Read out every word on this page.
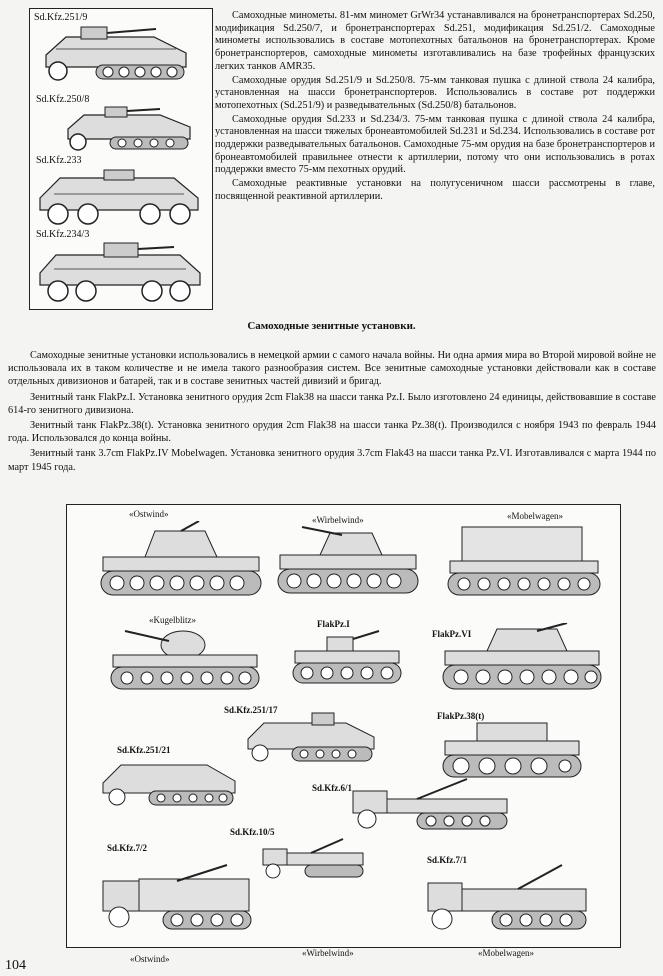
Sd.Kfz.251/9
Sd.Kfz.250/8
Sd.Kfz.233
Sd.Kfz.234/3

Самоходные минометы. 81-мм миномет GrWr34 устанавливался на бронетранспортерах Sd.250, модификация Sd.250/7, и бронетранспортерах Sd.251, модификация Sd.251/2. Самоходные минометы использовались в составе мотопехотных батальонов на бронетранспортерах. Кроме бронетранспортеров, самоходные минометы изготавливались на базе трофейных французских легких танков AMR35.

Самоходные орудия Sd.251/9 и Sd.250/8. 75-мм танковая пушка с длиной ствола 24 калибра, установленная на шасси бронетранспортеров. Использовались в составе рот поддержки мотопехотных (Sd.251/9) и разведывательных (Sd.250/8) батальонов.

Самоходные орудия Sd.233 и Sd.234/3. 75-мм танковая пушка с длиной ствола 24 калибра, установленная на шасси тяжелых бронеавтомобилей Sd.231 и Sd.234. Использовались в составе рот поддержки разведывательных батальонов. Самоходные 75-мм орудия на базе бронетранспортеров и бронеавтомобилей правильнее отнести к артиллерии, потому что они использовались в ротах поддержки вместо 75-мм пехотных орудий.

Самоходные реактивные установки на полугусеничном шасси рассмотрены в главе, посвященной реактивной артиллерии.

Самоходные зенитные установки.

Самоходные зенитные установки использовались в немецкой армии с самого начала войны. Ни одна армия мира во Второй мировой войне не использовала их в таком количестве и не имела такого разнообразия систем. Все зенитные самоходные установки действовали как в составе отдельных дивизионов и батарей, так и в составе зенитных частей дивизий и бригад.

Зенитный танк FlakPz.I. Установка зенитного орудия 2cm Flak38 на шасси танка Pz.I. Было изготовлено 24 единицы, действовавшие в составе 614-го зенитного дивизиона.

Зенитный танк FlakPz.38(t). Установка зенитного орудия 2cm Flak38 на шасси танка Pz.38(t). Производился с ноября 1943 по февраль 1944 года. Использовался до конца войны.

Зенитный танк 3.7cm FlakPz.IV Mobelwagen. Установка зенитного орудия 3.7cm Flak43 на шасси танка Pz.VI. Изготавливался с марта 1944 по март 1945 года.

«Ostwind»
«Wirbelwind»	«Mobelwagen»
«Kugelblitz»	FlakPz.I
FlakPz.VI
Sd.Kfz.251/17
FlakPz.38(t)
Sd.Kfz.251/21
Sd.Kfz.6/1
Sd.Kfz.10/5
Sd.Kfz.7/2
Sd.Kfz.7/1
«Ostwind»
«Wirbelwind»	«Mobelwagen»
104
